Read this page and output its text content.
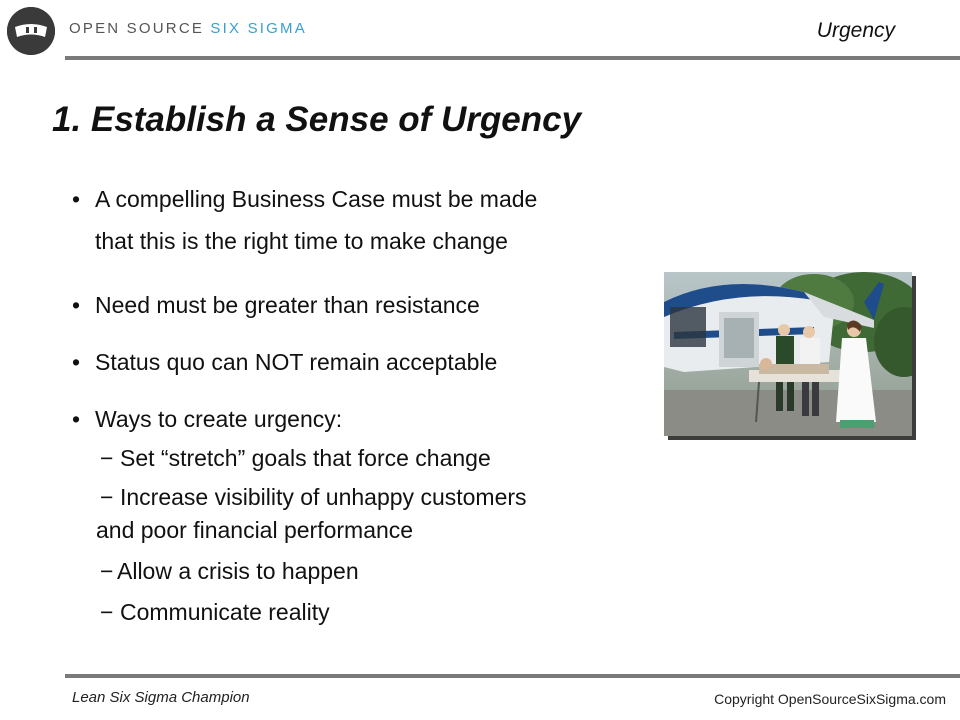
OPEN SOURCE SIX SIGMA	Urgency
1. Establish a Sense of Urgency
• A compelling Business Case must be made
that this is the right time to make change
• Need must be greater than resistance
• Status quo can NOT remain acceptable
• Ways to create urgency:
− Set “stretch” goals that force change
− Increase visibility of unhappy customers
and poor financial performance
− Allow a crisis to happen
− Communicate reality
Lean Six Sigma Champion	Copyright OpenSourceSixSigma.com
